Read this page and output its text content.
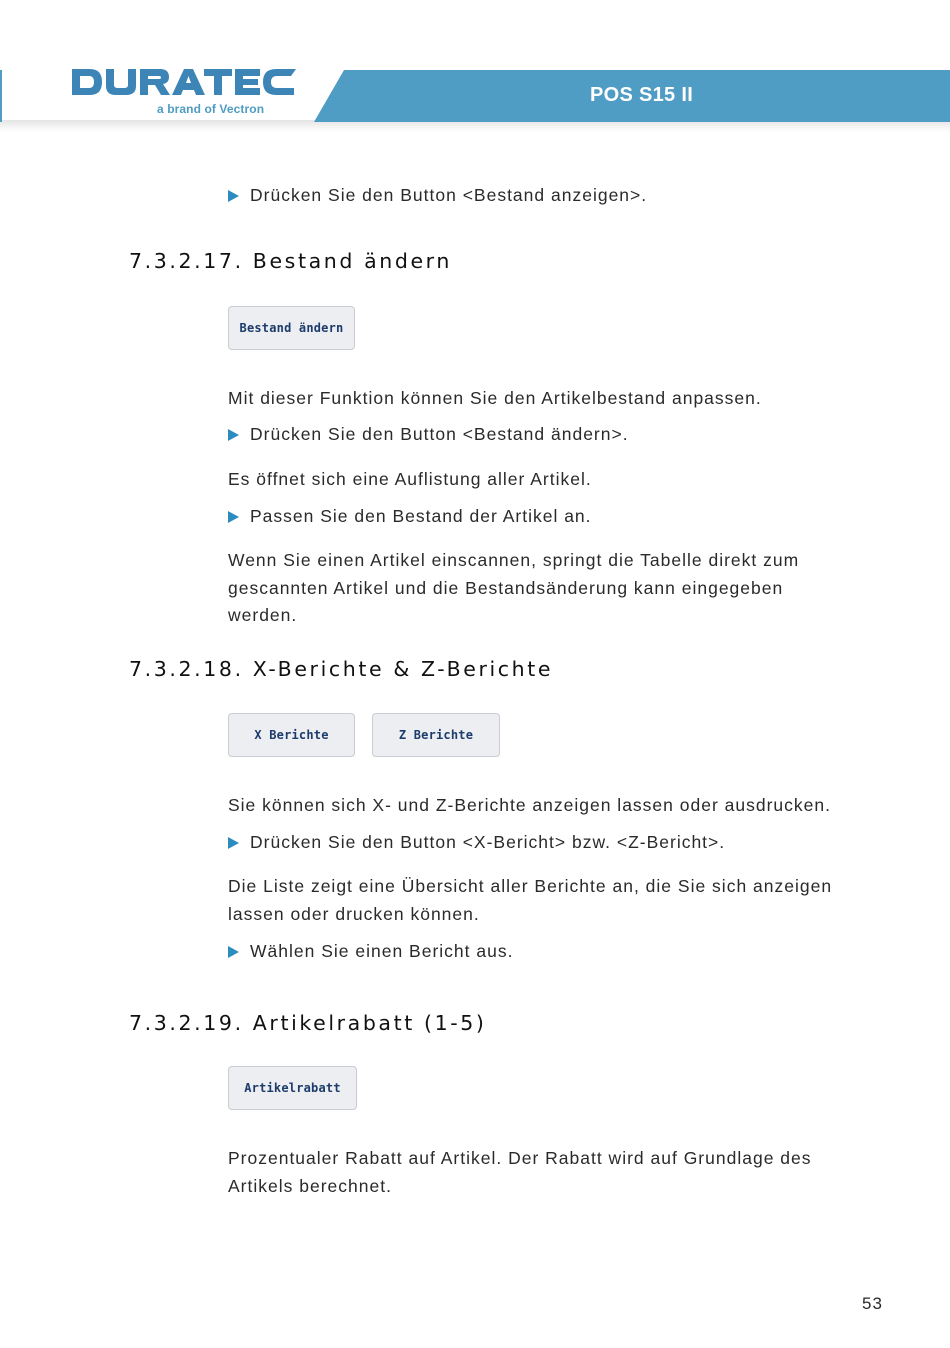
a brand of Vectron
POS S15 II
Drücken Sie den Button <Bestand anzeigen>.
7.3.2.17. Bestand ändern
Bestand ändern
Mit dieser Funktion können Sie den Artikelbestand anpassen.
Drücken Sie den Button <Bestand ändern>.
Es öffnet sich eine Auflistung aller Artikel.
Passen Sie den Bestand der Artikel an.
Wenn Sie einen Artikel einscannen, springt die Tabelle direkt zum gescannten Artikel und die Bestandsänderung kann eingegeben werden.
7.3.2.18. X-Berichte & Z-Berichte
X Berichte	Z Berichte
Sie können sich X- und Z-Berichte anzeigen lassen oder ausdrucken.
Drücken Sie den Button <X-Bericht> bzw. <Z-Bericht>.
Die Liste zeigt eine Übersicht aller Berichte an, die Sie sich anzeigen lassen oder drucken können.
Wählen Sie einen Bericht aus.
7.3.2.19. Artikelrabatt (1-5)
Artikelrabatt
Prozentualer Rabatt auf Artikel. Der Rabatt wird auf Grundlage des Artikels berechnet.
53
